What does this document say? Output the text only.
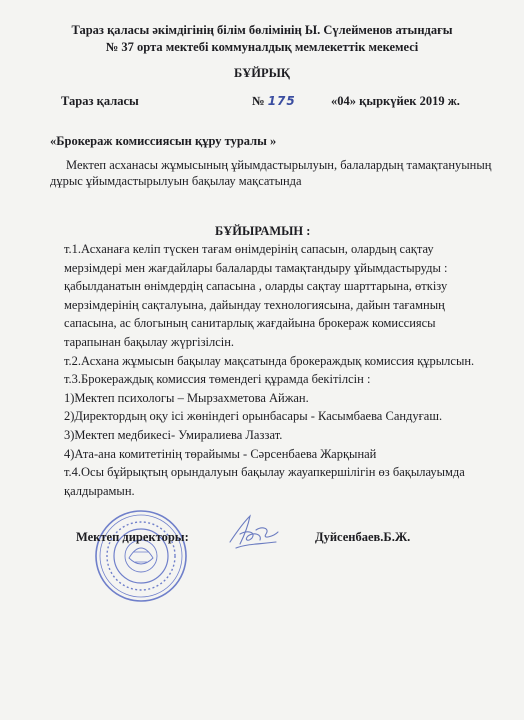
Тараз қаласы әкімдігінің білім бөлімінің Ы. Сүлейменов атындағы
№ 37 орта мектебі коммуналдық мемлекеттік мекемесі
БҰЙРЫҚ
Тараз қаласы	№ 175	«04» қыркүйек 2019 ж.
«Брокераж комиссиясын құру туралы »
Мектеп асханасы жұмысының ұйымдастырылуын, балалардың тамақтануының
дұрыс ұйымдастырылуын бақылау мақсатында
БҰЙЫРАМЫН :
т.1.Асханаға келіп түскен тағам өнімдерінің сапасын, олардың сақтау
мерзімдері мен жағдайлары балаларды тамақтандыру ұйымдастыруды :
қабылданатын өнімдердің сапасына , оларды сақтау шарттарына, өткізу
мерзімдерінің сақталуына, дайындау технологиясына, дайын тағамның
сапасына, ас блогының санитарлық жағдайына брокераж комиссиясы
тарапынан бақылау жүргізілсін.
т.2.Асхана жұмысын бақылау мақсатында брокераждық комиссия құрылсын.
т.3.Брокераждық комиссия төмендегі құрамда бекітілсін :
1)Мектеп психологы – Мырзахметова Айжан.
2)Директордың оқу ісі жөніндегі орынбасары - Касымбаева Сандуғаш.
3)Мектеп медбикесі- Умиралиева Лаззат.
4)Ата-ана комитетінің төрайымы - Сәрсенбаева Жарқынай
т.4.Осы бұйрықтың орындалуын бақылау жауапкершілігін өз бақылауымда
қалдырамын.
Мектеп директоры:	Дуйсенбаев.Б.Ж.
